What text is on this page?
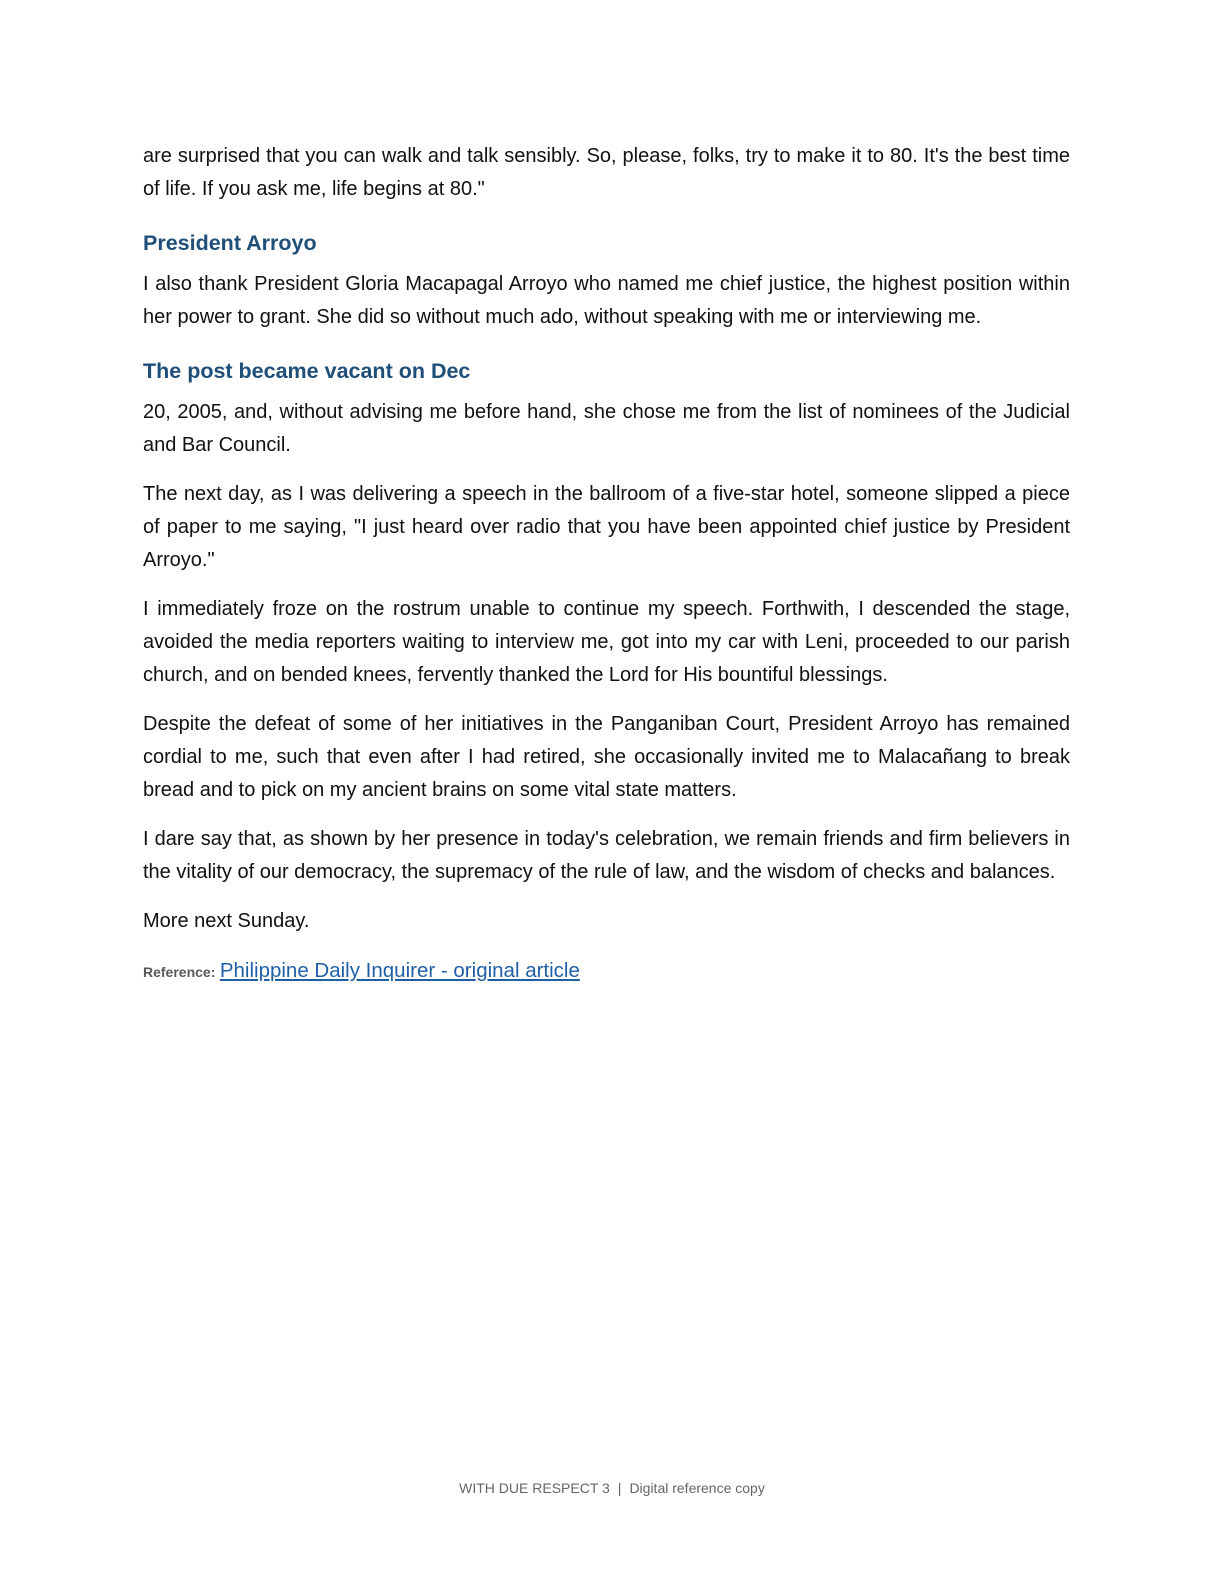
are surprised that you can walk and talk sensibly. So, please, folks, try to make it to 80. It's the best time of life. If you ask me, life begins at 80."

President Arroyo

I also thank President Gloria Macapagal Arroyo who named me chief justice, the highest position within her power to grant. She did so without much ado, without speaking with me or interviewing me.

The post became vacant on Dec

20, 2005, and, without advising me before hand, she chose me from the list of nominees of the Judicial and Bar Council.

The next day, as I was delivering a speech in the ballroom of a five-star hotel, someone slipped a piece of paper to me saying, "I just heard over radio that you have been appointed chief justice by President Arroyo."

I immediately froze on the rostrum unable to continue my speech. Forthwith, I descended the stage, avoided the media reporters waiting to interview me, got into my car with Leni, proceeded to our parish church, and on bended knees, fervently thanked the Lord for His bountiful blessings.

Despite the defeat of some of her initiatives in the Panganiban Court, President Arroyo has remained cordial to me, such that even after I had retired, she occasionally invited me to Malacañang to break bread and to pick on my ancient brains on some vital state matters.

I dare say that, as shown by her presence in today's celebration, we remain friends and firm believers in the vitality of our democracy, the supremacy of the rule of law, and the wisdom of checks and balances.

More next Sunday.

Reference: Philippine Daily Inquirer - original article
WITH DUE RESPECT 3 | Digital reference copy
